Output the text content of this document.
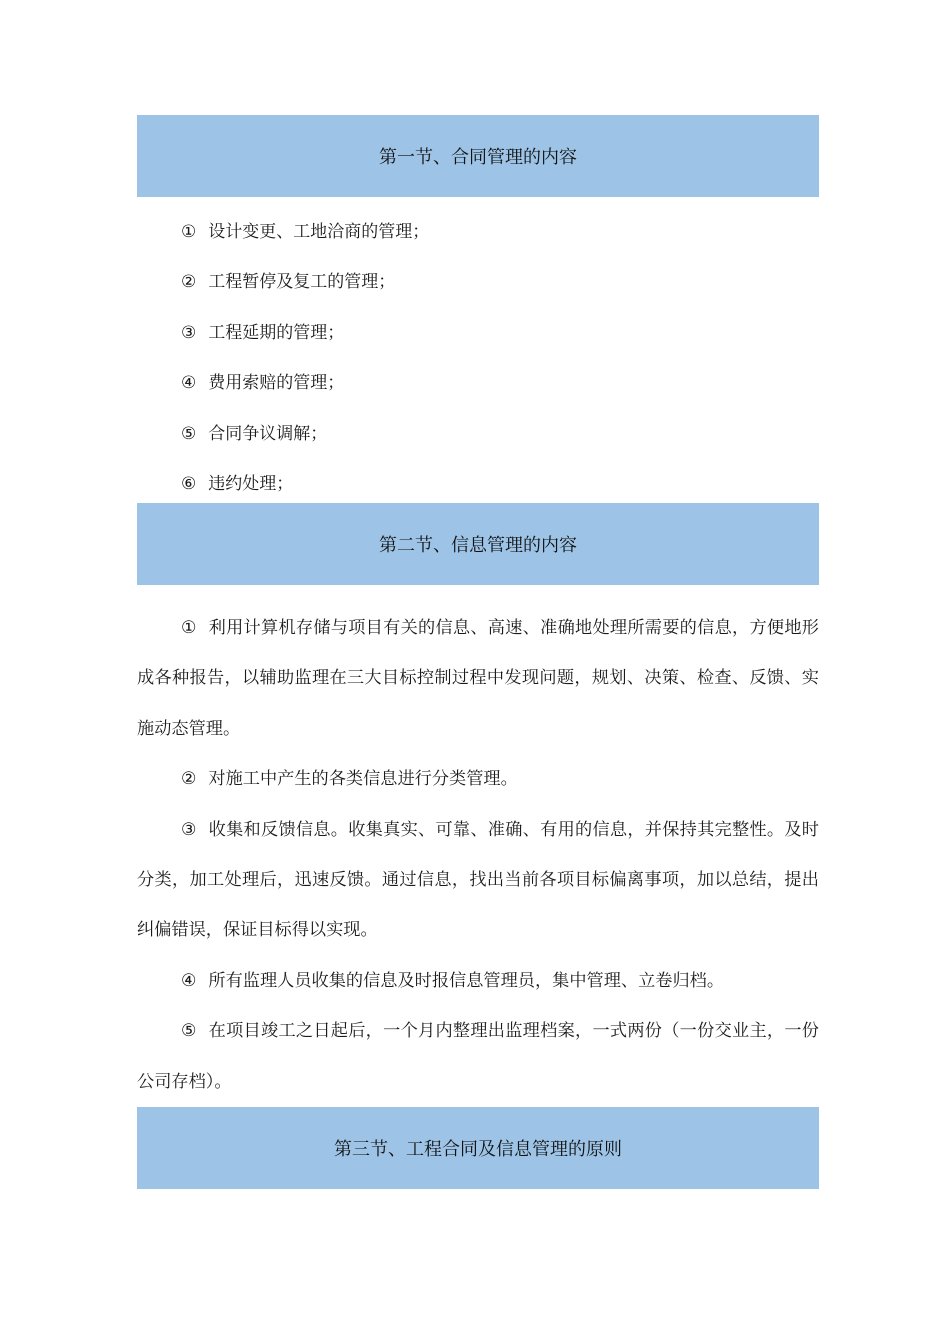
第一节、合同管理的内容
① 设计变更、工地洽商的管理；
② 工程暂停及复工的管理；
③ 工程延期的管理；
④ 费用索赔的管理；
⑤ 合同争议调解；
⑥ 违约处理；
第二节、信息管理的内容

① 利用计算机存储与项目有关的信息、高速、准确地处理所需要的信息，方便地形成各种报告，以辅助监理在三大目标控制过程中发现问题，规划、决策、检查、反馈、实施动态管理。

② 对施工中产生的各类信息进行分类管理。

③ 收集和反馈信息。收集真实、可靠、准确、有用的信息，并保持其完整性。及时分类，加工处理后，迅速反馈。通过信息，找出当前各项目标偏离事项，加以总结，提出纠偏错误，保证目标得以实现。

④ 所有监理人员收集的信息及时报信息管理员，集中管理、立卷归档。

⑤ 在项目竣工之日起后，一个月内整理出监理档案，一式两份（一份交业主，一份公司存档）。

第三节、工程合同及信息管理的原则
